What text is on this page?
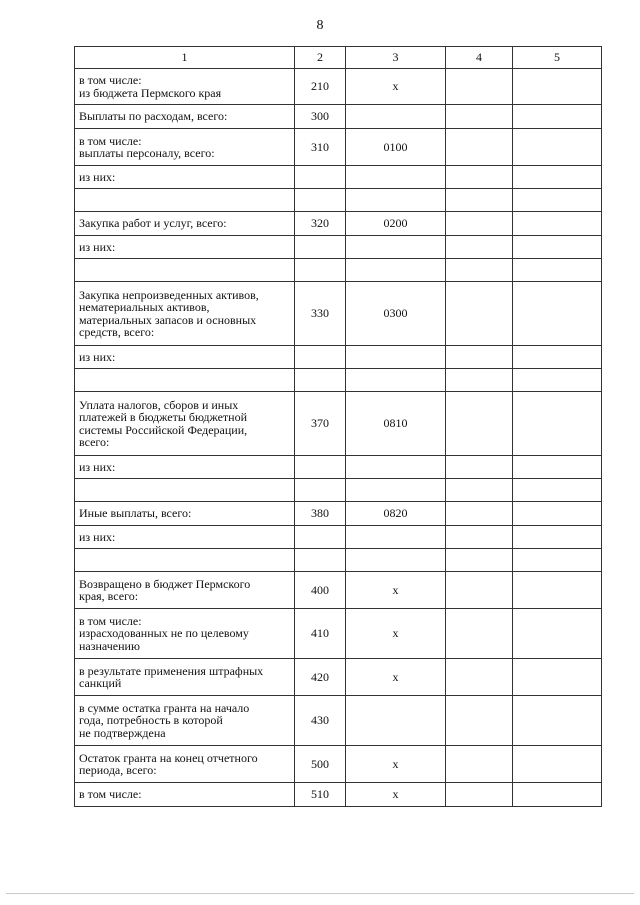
8
1	2	3	4	5
в том числе:
из бюджета Пермского края	210	х		
Выплаты по расходам, всего:	300			
в том числе:
выплаты персоналу, всего:	310	0100		
из них:				

Закупка работ и услуг, всего:	320	0200		
из них:				

Закупка непроизведенных активов,
нематериальных активов,
материальных запасов и основных
средств, всего:	330	0300		
из них:				

Уплата налогов, сборов и иных
платежей в бюджеты бюджетной
системы Российской Федерации,
всего:	370	0810		
из них:				

Иные выплаты, всего:	380	0820		
из них:				

Возвращено в бюджет Пермского
края, всего:	400	х		
в том числе:
израсходованных не по целевому
назначению	410	х		
в результате применения штрафных
санкций	420	х		
в сумме остатка гранта на начало
года, потребность в которой
не подтверждена	430			
Остаток гранта на конец отчетного
периода, всего:	500	х		
в том числе:	510	х		
